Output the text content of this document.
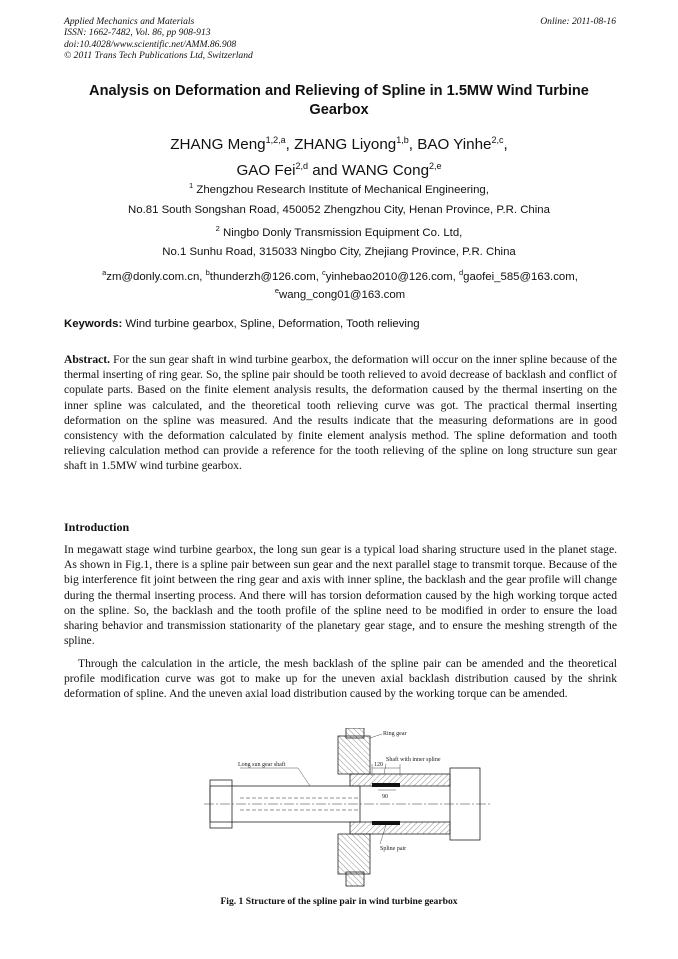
Applied Mechanics and Materials
ISSN: 1662-7482, Vol. 86, pp 908-913
doi:10.4028/www.scientific.net/AMM.86.908
© 2011 Trans Tech Publications Ltd, Switzerland
Online: 2011-08-16
Analysis on Deformation and Relieving of Spline in 1.5MW Wind Turbine Gearbox
ZHANG Meng$^{1,2,a}$, ZHANG Liyong$^{1,b}$, BAO Yinhe$^{2,c}$,
GAO Fei$^{2,d}$ and WANG Cong$^{2,e}$
$^1$ Zhengzhou Research Institute of Mechanical Engineering,
No.81 South Songshan Road, 450052 Zhengzhou City, Henan Province, P.R. China
$^2$ Ningbo Donly Transmission Equipment Co. Ltd,
No.1 Sunhu Road, 315033 Ningbo City, Zhejiang Province, P.R. China
$^a$zm@donly.com.cn, $^b$thunderzh@126.com, $^c$yinhebao2010@126.com, $^d$gaofei_585@163.com,
$^e$wang_cong01@163.com
Keywords: Wind turbine gearbox, Spline, Deformation, Tooth relieving
Abstract. For the sun gear shaft in wind turbine gearbox, the deformation will occur on the inner spline because of the thermal inserting of ring gear. So, the spline pair should be tooth relieved to avoid decrease of backlash and conflict of copulate parts. Based on the finite element analysis results, the deformation caused by the thermal inserting on the inner spline was calculated, and the theoretical tooth relieving curve was got. The practical thermal inserting deformation on the spline was measured. And the results indicate that the measuring deformations are in good consistency with the deformation calculated by finite element analysis method. The spline deformation and tooth relieving calculation method can provide a reference for the tooth relieving of the spline on long structure sun gear shaft in 1.5MW wind turbine gearbox.
Introduction
In megawatt stage wind turbine gearbox, the long sun gear is a typical load sharing structure used in the planet stage. As shown in Fig.1, there is a spline pair between sun gear and the next parallel stage to transmit torque. Because of the big interference fit joint between the ring gear and axis with inner spline, the backlash and the gear profile will change during the thermal inserting process. And there will has torsion deformation caused by the high working torque acted on the spline. So, the backlash and the tooth profile of the spline need to be modified in order to ensure the load sharing behavior and transmission stationarity of the planetary gear stage, and to ensure the meshing strength of the spline.
Through the calculation in the article, the mesh backlash of the spline pair can be amended and the theoretical profile modification curve was got to make up for the uneven axial backlash distribution caused by the shrink deformation of spline. And the uneven axial load distribution caused by the working torque can be amended.
120
90
Ring gear
Long sun gear shaft
Shaft with inner spline
Spline pair
Fig. 1 Structure of the spline pair in wind turbine gearbox
